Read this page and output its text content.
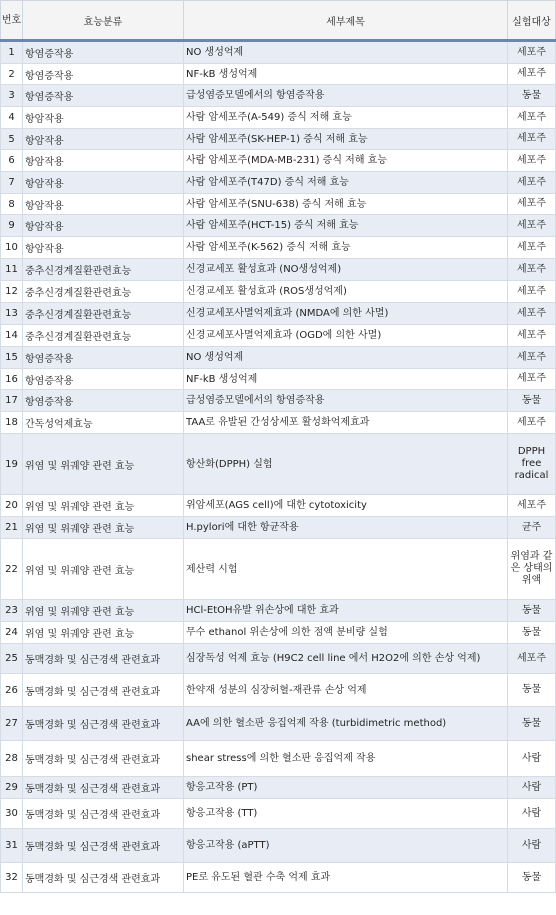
번호	효능분류	세부제목	실험대상
1	항염증작용	NO 생성억제	세포주
2	항염증작용	NF-kB 생성억제	세포주
3	항염증작용	급성염증모델에서의 항염증작용	동물
4	항암작용	사람 암세포주(A-549) 증식 저해 효능	세포주
5	항암작용	사람 암세포주(SK-HEP-1) 증식 저해 효능	세포주
6	항암작용	사람 암세포주(MDA-MB-231) 증식 저해 효능	세포주
7	항암작용	사람 암세포주(T47D) 증식 저해 효능	세포주
8	항암작용	사람 암세포주(SNU-638) 증식 저해 효능	세포주
9	항암작용	사람 암세포주(HCT-15) 증식 저해 효능	세포주
10	항암작용	사람 암세포주(K-562) 증식 저해 효능	세포주
11	중추신경계질환관련효능	신경교세포 활성효과 (NO생성억제)	세포주
12	중추신경계질환관련효능	신경교세포 활성효과 (ROS생성억제)	세포주
13	중추신경계질환관련효능	신경교세포사멸억제효과 (NMDA에 의한 사멸)	세포주
14	중추신경계질환관련효능	신경교세포사멸억제효과 (OGD에 의한 사멸)	세포주
15	항염증작용	NO 생성억제	세포주
16	항염증작용	NF-kB 생성억제	세포주
17	항염증작용	급성염증모델에서의 항염증작용	동물
18	간독성억제효능	TAA로 유발된 간성상세포 활성화억제효과	세포주
19	위염 및 위궤양 관련 효능	항산화(DPPH) 실험	DPPH free radical
20	위염 및 위궤양 관련 효능	위암세포(AGS cell)에 대한 cytotoxicity	세포주
21	위염 및 위궤양 관련 효능	H.pylori에 대한 항균작용	균주
22	위염 및 위궤양 관련 효능	제산력 시험	위염과 같은 상태의 위액
23	위염 및 위궤양 관련 효능	HCl-EtOH유발 위손상에 대한 효과	동물
24	위염 및 위궤양 관련 효능	무수 ethanol 위손상에 의한 점액 분비량 실험	동물
25	동맥경화 및 심근경색 관련효과	심장독성 억제 효능 (H9C2 cell line 에서 H2O2에 의한 손상 억제)	세포주
26	동맥경화 및 심근경색 관련효과	한약재 성분의 심장허혈-재관류 손상 억제	동물
27	동맥경화 및 심근경색 관련효과	AA에 의한 혈소판 응집억제 작용 (turbidimetric method)	동물
28	동맥경화 및 심근경색 관련효과	shear stress에 의한 혈소판 응집억제 작용	사람
29	동맥경화 및 심근경색 관련효과	항응고작용 (PT)	사람
30	동맥경화 및 심근경색 관련효과	항응고작용 (TT)	사람
31	동맥경화 및 심근경색 관련효과	항응고작용 (aPTT)	사람
32	동맥경화 및 심근경색 관련효과	PE로 유도된 혈관 수축 억제 효과	동물
